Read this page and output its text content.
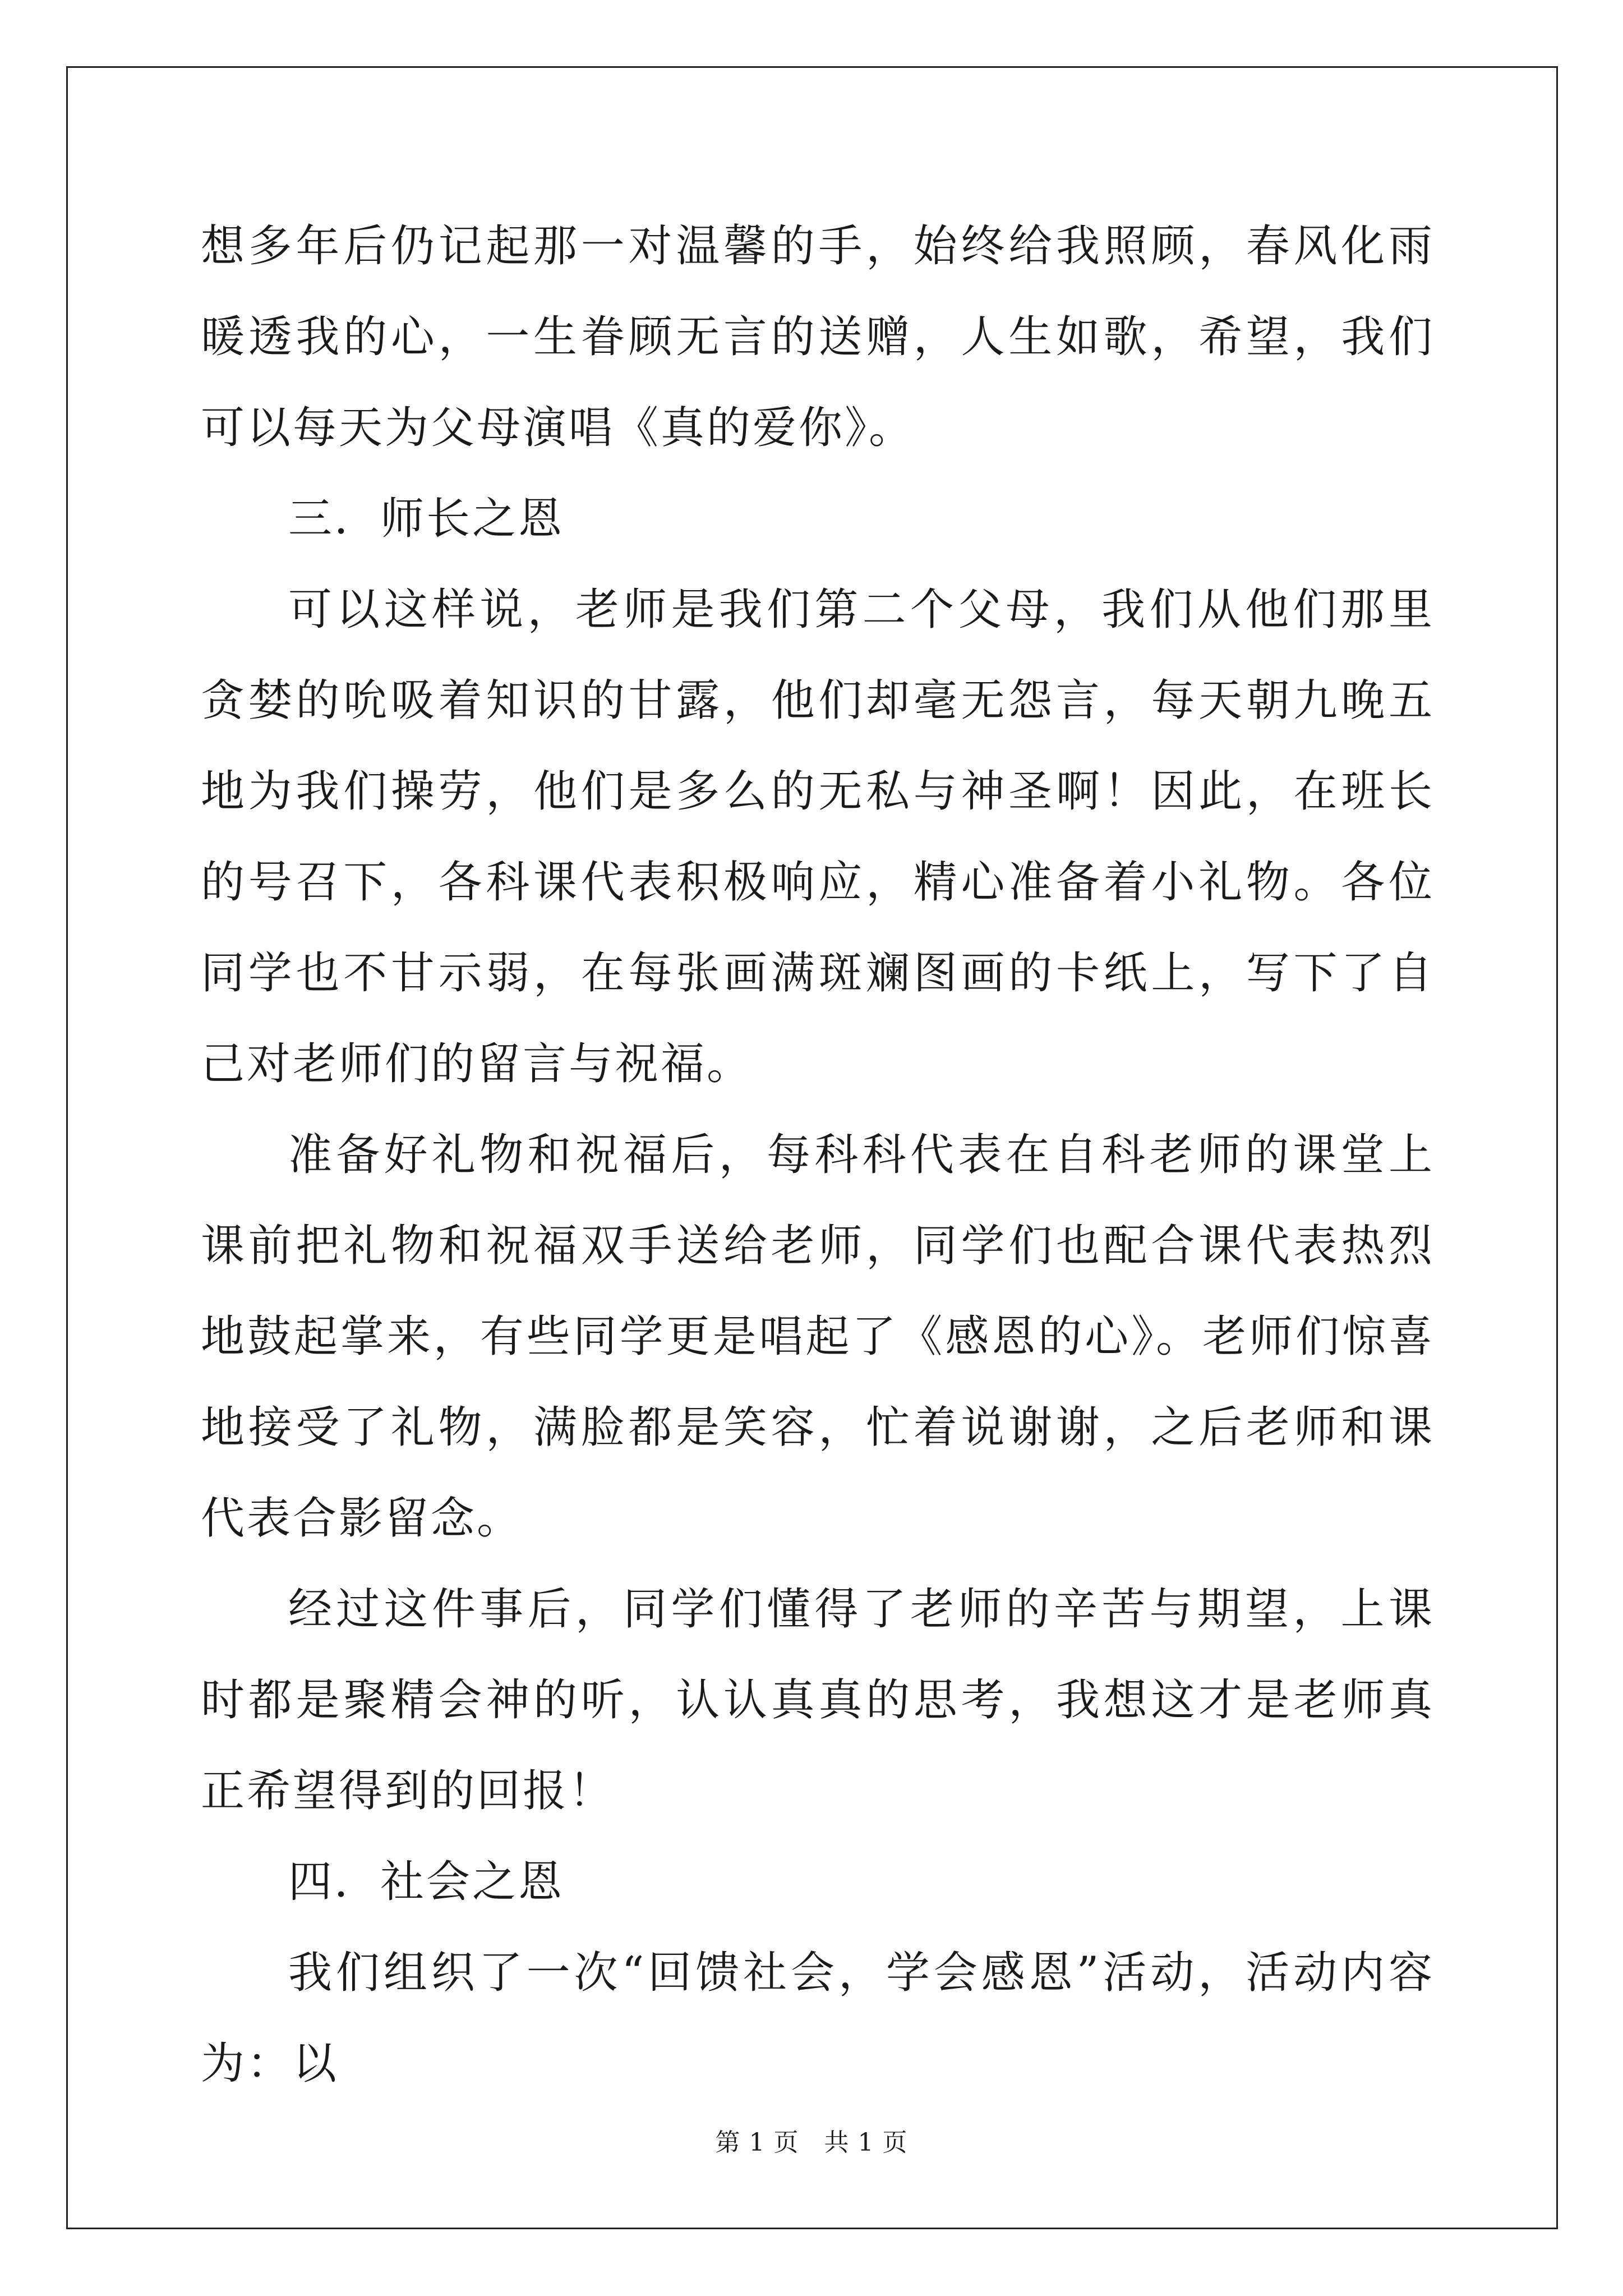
想多年后仍记起那一对温馨的手，始终给我照顾，春风化雨暖透我的心，一生眷顾无言的送赠，人生如歌，希望，我们可以每天为父母演唱《真的爱你》。

三．师长之恩

可以这样说，老师是我们第二个父母，我们从他们那里贪婪的吮吸着知识的甘露，他们却毫无怨言，每天朝九晚五地为我们操劳，他们是多么的无私与神圣啊！因此，在班长的号召下，各科课代表积极响应，精心准备着小礼物。各位同学也不甘示弱，在每张画满斑斓图画的卡纸上，写下了自己对老师们的留言与祝福。

准备好礼物和祝福后，每科科代表在自科老师的课堂上课前把礼物和祝福双手送给老师，同学们也配合课代表热烈地鼓起掌来，有些同学更是唱起了《感恩的心》。老师们惊喜地接受了礼物，满脸都是笑容，忙着说谢谢，之后老师和课代表合影留念。

经过这件事后，同学们懂得了老师的辛苦与期望，上课时都是聚精会神的听，认认真真的思考，我想这才是老师真正希望得到的回报！

四．社会之恩

我们组织了一次“回馈社会，学会感恩”活动，活动内容为：以

第 1 页　共 1 页
